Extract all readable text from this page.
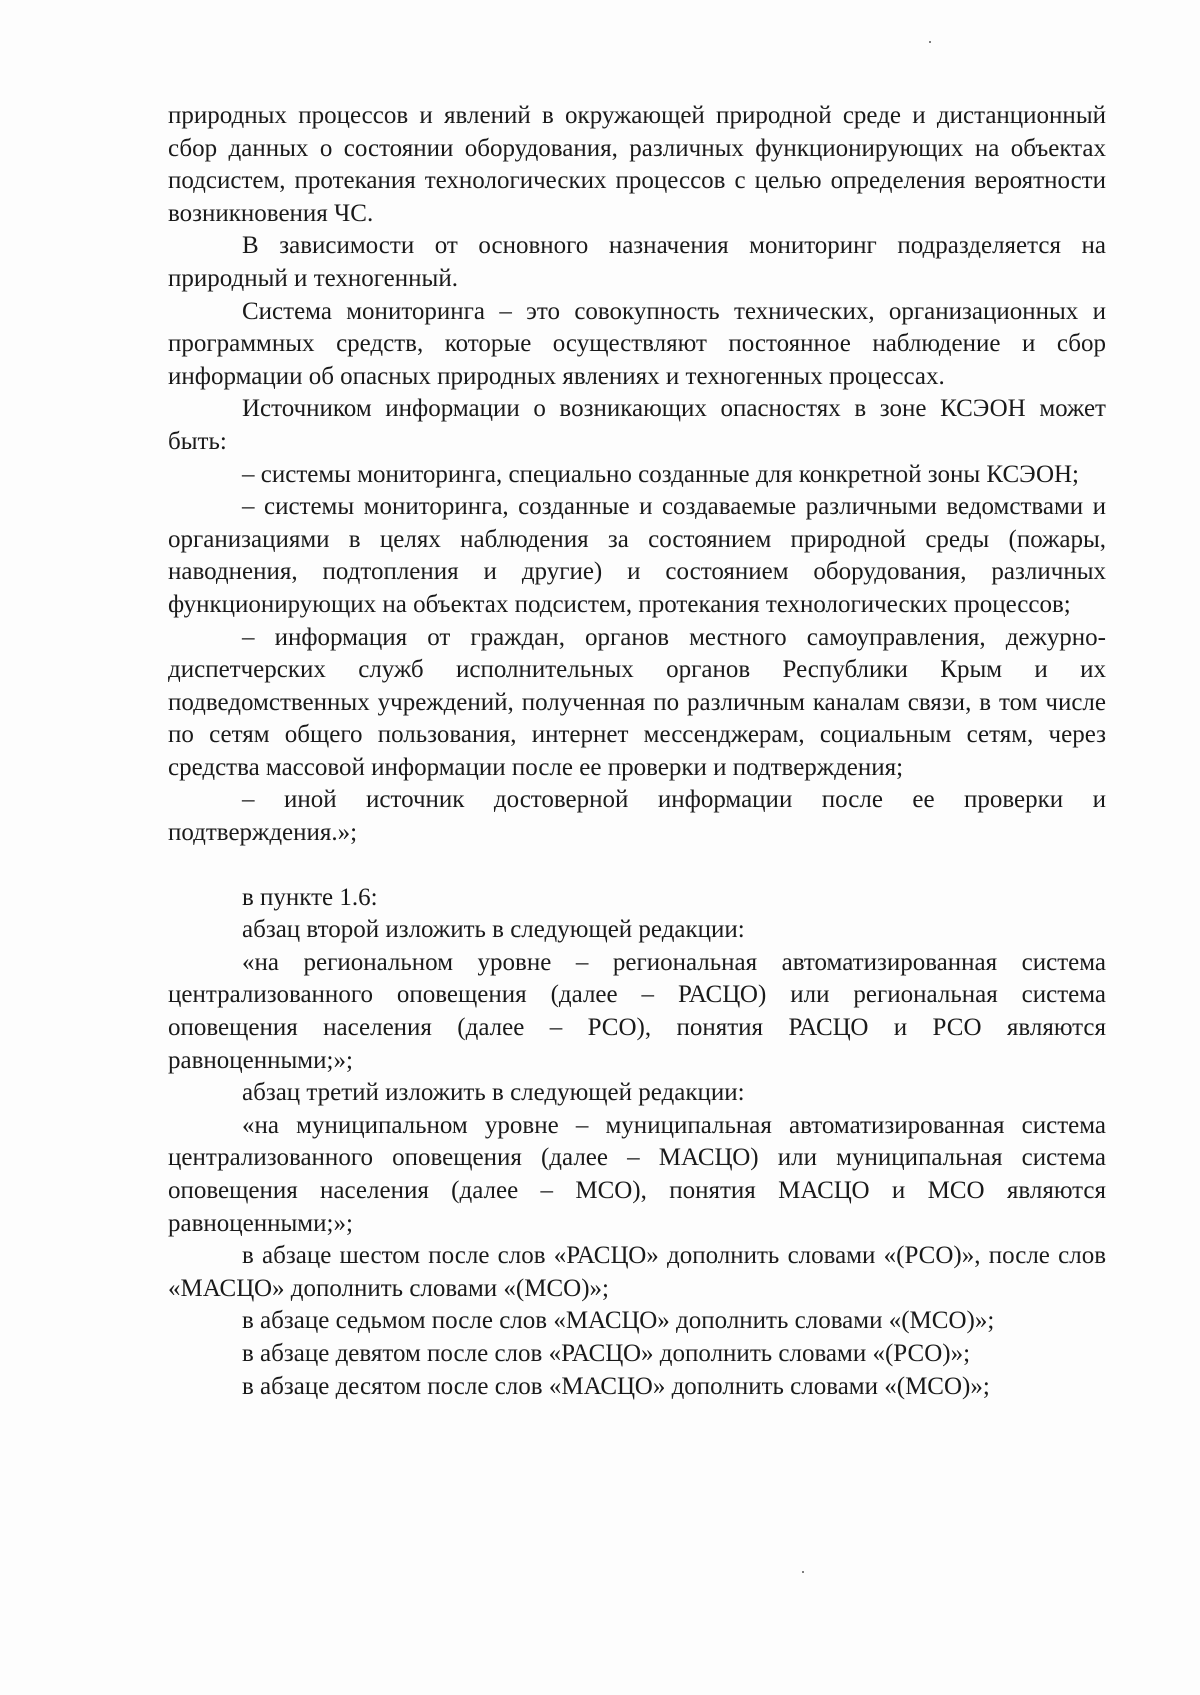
природных процессов и явлений в окружающей природной среде и дистанционный сбор данных о состоянии оборудования, различных функционирующих на объектах подсистем, протекания технологических процессов с целью определения вероятности возникновения ЧС.

В зависимости от основного назначения мониторинг подразделяется на природный и техногенный.

Система мониторинга – это совокупность технических, организационных и программных средств, которые осуществляют постоянное наблюдение и сбор информации об опасных природных явлениях и техногенных процессах.

Источником информации о возникающих опасностях в зоне КСЭОН может быть:

– системы мониторинга, специально созданные для конкретной зоны КСЭОН;

– системы мониторинга, созданные и создаваемые различными ведомствами и организациями в целях наблюдения за состоянием природной среды (пожары, наводнения, подтопления и другие) и состоянием оборудования, различных функционирующих на объектах подсистем, протекания технологических процессов;

– информация от граждан, органов местного самоуправления, дежурно-диспетчерских служб исполнительных органов Республики Крым и их подведомственных учреждений, полученная по различным каналам связи, в том числе по сетям общего пользования, интернет мессенджерам, социальным сетям, через средства массовой информации после ее проверки и подтверждения;

– иной источник достоверной информации после ее проверки и подтверждения.»;

в пункте 1.6:

абзац второй изложить в следующей редакции:

«на региональном уровне – региональная автоматизированная система централизованного оповещения (далее – РАСЦО) или региональная система оповещения населения (далее – РСО), понятия РАСЦО и РСО являются равноценными;»;

абзац третий изложить в следующей редакции:

«на муниципальном уровне – муниципальная автоматизированная система централизованного оповещения (далее – МАСЦО) или муниципальная система оповещения населения (далее – МСО), понятия МАСЦО и МСО являются равноценными;»;

в абзаце шестом после слов «РАСЦО» дополнить словами «(РСО)», после слов «МАСЦО» дополнить словами «(МСО)»;

в абзаце седьмом после слов «МАСЦО» дополнить словами «(МСО)»;

в абзаце девятом после слов «РАСЦО» дополнить словами «(РСО)»;

в абзаце десятом после слов «МАСЦО» дополнить словами «(МСО)»;
